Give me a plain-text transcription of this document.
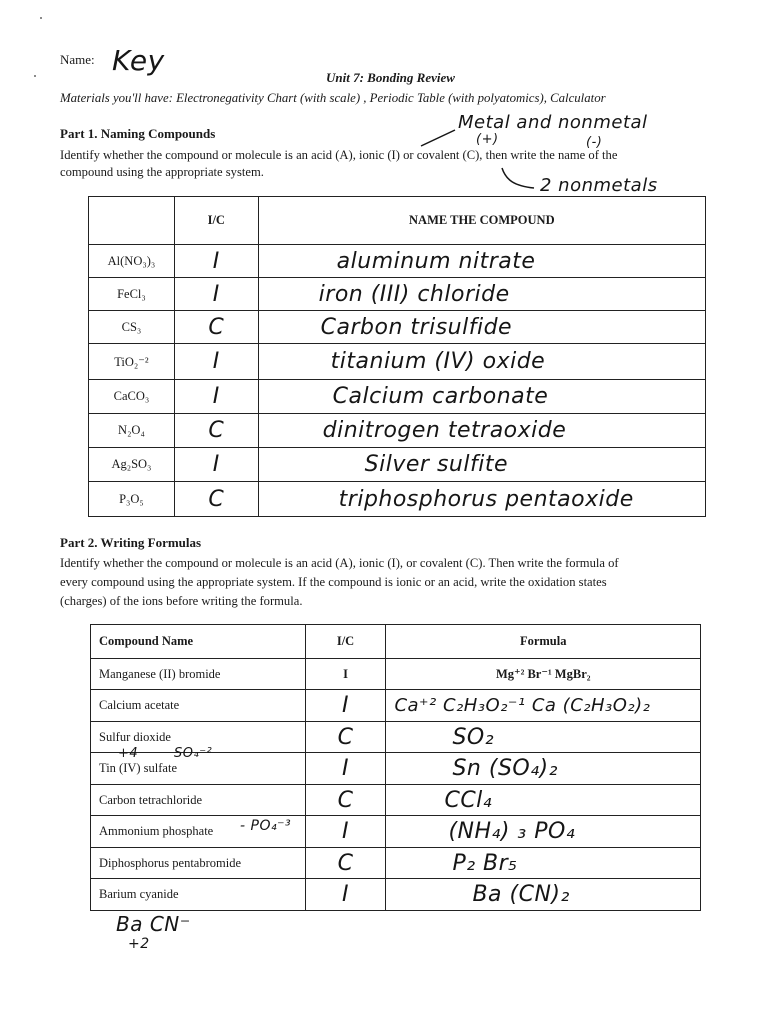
Name: Key
Unit 7: Bonding Review
Materials you'll have: Electronegativity Chart (with scale) , Periodic Table (with polyatomics), Calculator
Part 1. Naming Compounds
Identify whether the compound or molecule is an acid (A), ionic (I) or covalent (C), then write the name of the
compound using the appropriate system.
Metal and nonmetal
(+)	(-)
2 nonmetals
	I/C	NAME THE COMPOUND
Al(NO₃)₃	I	aluminum nitrate
FeCl₃	I	iron (III) chloride
CS₃	C	Carbon trisulfide
TiO₂⁻²	I	titanium (IV) oxide
CaCO₃	I	Calcium carbonate
N₂O₄	C	dinitrogen tetraoxide
Ag₂SO₃	I	Silver sulfite
P₃O₅	C	triphosphorus pentaoxide
Part 2. Writing Formulas
Identify whether the compound or molecule is an acid (A), ionic (I), or covalent (C). Then write the formula of
every compound using the appropriate system. If the compound is ionic or an acid, write the oxidation states
(charges) of the ions before writing the formula.
Compound Name	I/C	Formula
Manganese (II) bromide	I	Mg⁺² Br⁻¹ MgBr₂
Calcium acetate	I	Ca⁺² C₂H₃O₂⁻¹ Ca (C₂H₃O₂)₂
Sulfur dioxide	C	SO₂
Tin (IV) sulfate	I	Sn (SO₄)₂
Carbon tetrachloride	C	CCl₄
Ammonium phosphate	I	(NH₄) ₃ PO₄
Diphosphorus pentabromide	C	P₂ Br₅
Barium cyanide	I	Ba (CN)₂
+4	SO₄⁻²
- PO₄⁻³
Ba CN⁻
+2
